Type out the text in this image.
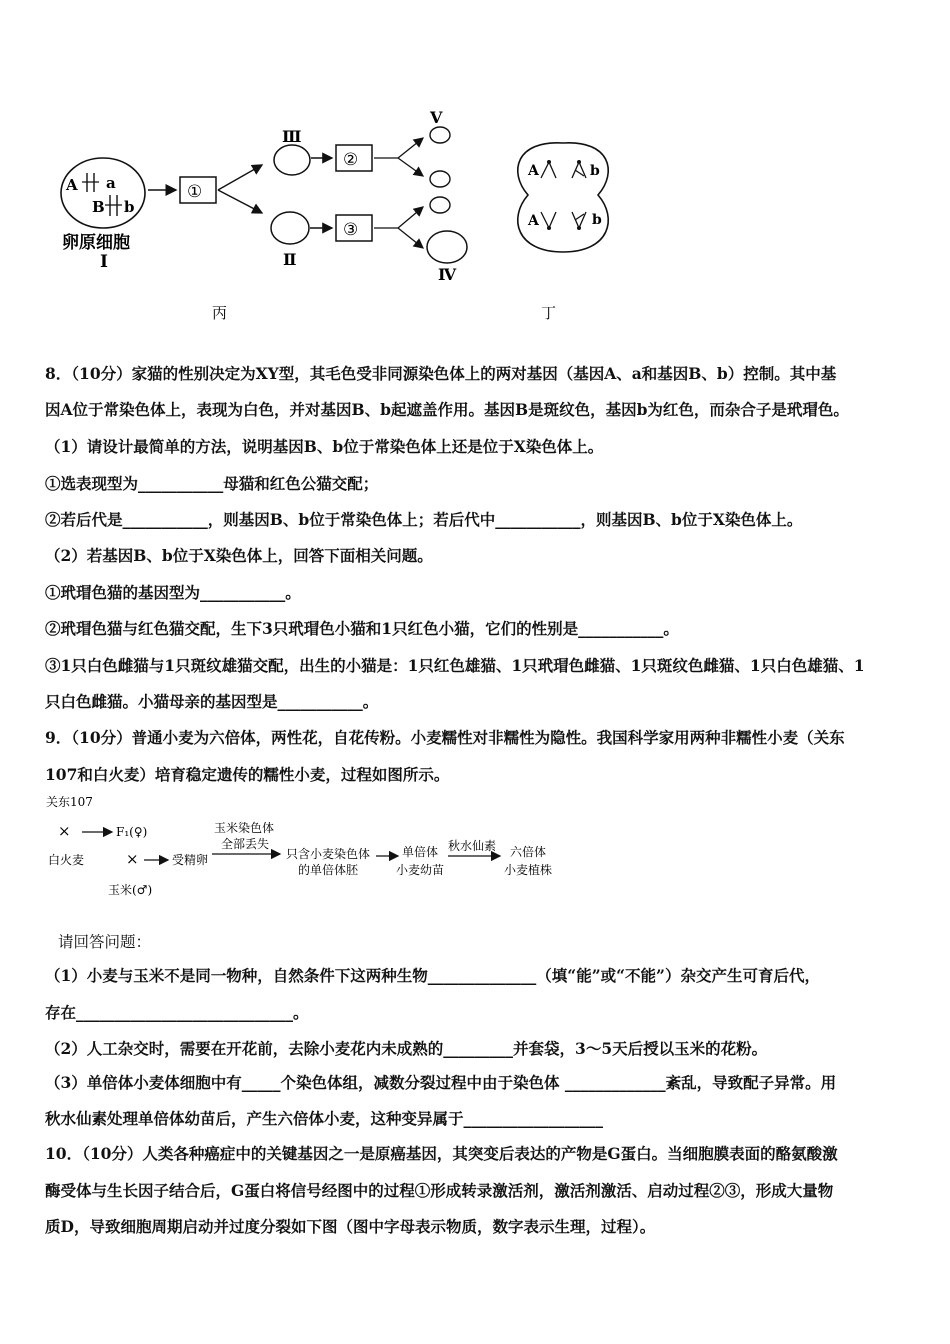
A a
B b
卵原细胞
Ⅰ
①
Ⅲ
②
Ⅱ
③
Ⅴ
Ⅳ
丙
A	b
A	b
丁
8．（10分）家猫的性别决定为XY型，其毛色受非同源染色体上的两对基因（基因A、a和基因B、b）控制。其中基
因A位于常染色体上，表现为白色，并对基因B、b起遮盖作用。基因B是斑纹色，基因b为红色，而杂合子是玳瑁色。
（1）请设计最简单的方法，说明基因B、b位于常染色体上还是位于X染色体上。
①选表现型为___________母猫和红色公猫交配；
②若后代是___________，则基因B、b位于常染色体上；若后代中___________，则基因B、b位于X染色体上。
（2）若基因B、b位于X染色体上，回答下面相关问题。
①玳瑁色猫的基因型为___________。
②玳瑁色猫与红色猫交配，生下3只玳瑁色小猫和1只红色小猫，它们的性别是___________。
③1只白色雌猫与1只斑纹雄猫交配，出生的小猫是：1只红色雄猫、1只玳瑁色雌猫、1只斑纹色雌猫、1只白色雄猫、1
只白色雌猫。小猫母亲的基因型是___________。
9．（10分）普通小麦为六倍体，两性花，自花传粉。小麦糯性对非糯性为隐性。我国科学家用两种非糯性小麦（关东
107和白火麦）培育稳定遗传的糯性小麦，过程如图所示。
关东107
×	F₁(♀)
白火麦	×	受精卵
玉米(♂)
玉米染色体
全部丢失
只含小麦染色体
的单倍体胚
单倍体
小麦幼苗
秋水仙素 六倍体
小麦植株
请回答问题：
（1）小麦与玉米不是同一物种，自然条件下这两种生物______________（填“能”或“不能”）杂交产生可育后代，
存在____________________________。
（2）人工杂交时，需要在开花前，去除小麦花内未成熟的_________并套袋，3～5天后授以玉米的花粉。
（3）单倍体小麦体细胞中有_____个染色体组，减数分裂过程中由于染色体 _____________紊乱，导致配子异常。用
秋水仙素处理单倍体幼苗后，产生六倍体小麦，这种变异属于__________________
10．（10分）人类各种癌症中的关键基因之一是原癌基因，其突变后表达的产物是G蛋白。当细胞膜表面的酪氨酸激
酶受体与生长因子结合后，G蛋白将信号经图中的过程①形成转录激活剂，激活剂激活、启动过程②③，形成大量物
质D，导致细胞周期启动并过度分裂如下图（图中字母表示物质，数字表示生理，过程）。
